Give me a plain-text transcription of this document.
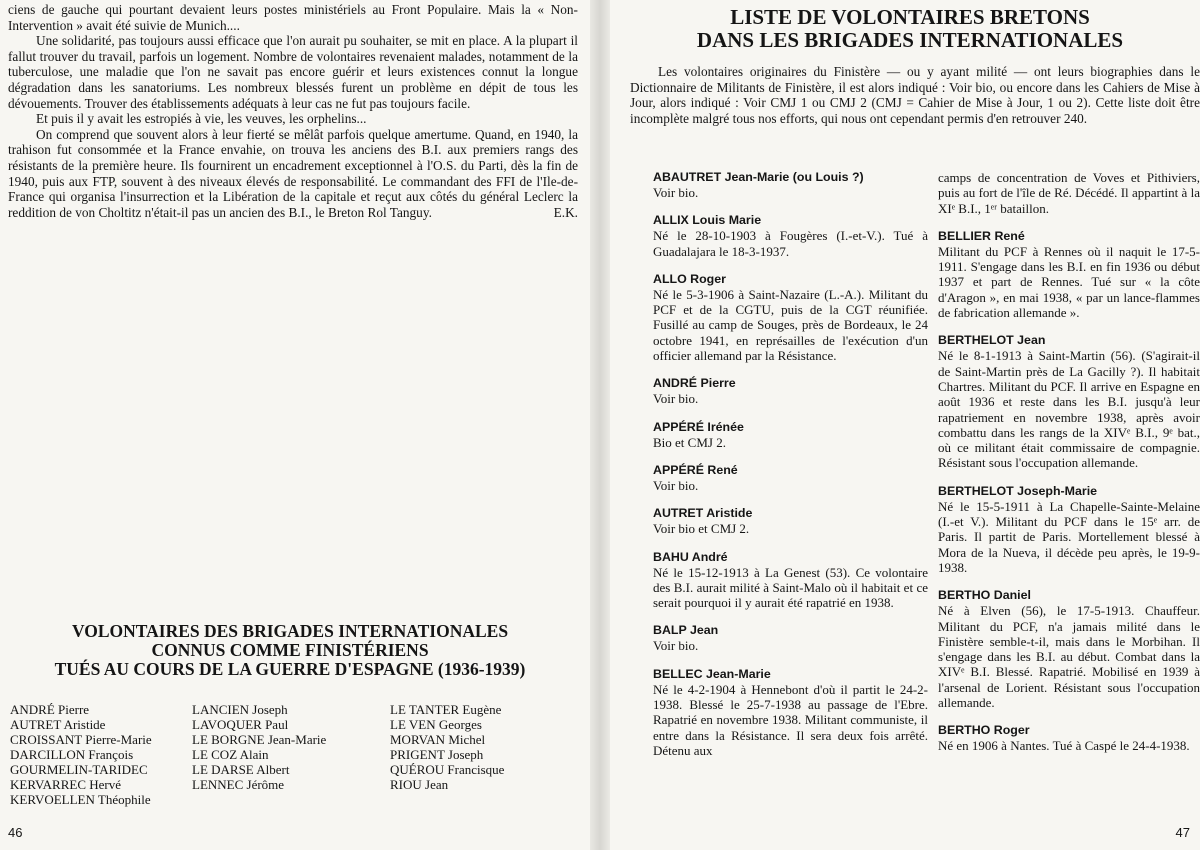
ciens de gauche qui pourtant devaient leurs postes ministériels au Front Populaire. Mais la « Non-Intervention » avait été suivie de Munich....

Une solidarité, pas toujours aussi efficace que l'on aurait pu souhaiter, se mit en place. A la plupart il fallut trouver du travail, parfois un logement. Nombre de volontaires revenaient malades, notamment de la tuberculose, une maladie que l'on ne savait pas encore guérir et leurs existences connut la longue dégradation dans les sanatoriums. Les nombreux blessés furent un problème en dépit de tous les dévouements. Trouver des établissements adéquats à leur cas ne fut pas toujours facile.

Et puis il y avait les estropiés à vie, les veuves, les orphelins...

On comprend que souvent alors à leur fierté se mêlât parfois quelque amertume. Quand, en 1940, la trahison fut consommée et la France envahie, on trouva les anciens des B.I. aux premiers rangs des résistants de la première heure. Ils fournirent un encadrement exceptionnel à l'O.S. du Parti, dès la fin de 1940, puis aux FTP, souvent à des niveaux élevés de responsabilité. Le commandant des FFI de l'Ile-de-France qui organisa l'insurrection et la Libération de la capitale et reçut aux côtés du général Leclerc la reddition de von Choltitz n'était-il pas un ancien des B.I., le Breton Rol Tanguy.	E.K.

VOLONTAIRES DES BRIGADES INTERNATIONALES

CONNUS COMME FINISTÉRIENS

TUÉS AU COURS DE LA GUERRE D'ESPAGNE (1936-1939)

ANDRÉ Pierre
AUTRET Aristide
CROISSANT Pierre-Marie
DARCILLON François
GOURMELIN-TARIDEC
KERVARREC Hervé
KERVOELLEN Théophile
LANCIEN Joseph
LAVOQUER Paul
LE BORGNE Jean-Marie
LE COZ Alain
LE DARSE Albert
LENNEC Jérôme
LE TANTER Eugène
LE VEN Georges
MORVAN Michel
PRIGENT Joseph
QUÉROU Francisque
RIOU Jean
46
LISTE DE VOLONTAIRES BRETONS
DANS LES BRIGADES INTERNATIONALES

Les volontaires originaires du Finistère — ou y ayant milité — ont leurs biographies dans le Dictionnaire de Militants de Finistère, il est alors indiqué : Voir bio, ou encore dans les Cahiers de Mise à Jour, alors indiqué : Voir CMJ 1 ou CMJ 2 (CMJ = Cahier de Mise à Jour, 1 ou 2). Cette liste doit être incomplète malgré tous nos efforts, qui nous ont cependant permis d'en retrouver 240.

ABAUTRET Jean-Marie (ou Louis ?)
Voir bio.
ALLIX Louis Marie
Né le 28-10-1903 à Fougères (I.-et-V.). Tué à Guadalajara le 18-3-1937.
ALLO Roger
Né le 5-3-1906 à Saint-Nazaire (L.-A.). Militant du PCF et de la CGTU, puis de la CGT réunifiée. Fusillé au camp de Souges, près de Bordeaux, le 24 octobre 1941, en représailles de l'exécution d'un officier allemand par la Résistance.
ANDRÉ Pierre
Voir bio.
APPÉRÉ Irénée
Bio et CMJ 2.
APPÉRÉ René
Voir bio.
AUTRET Aristide
Voir bio et CMJ 2.
BAHU André
Né le 15-12-1913 à La Genest (53). Ce volontaire des B.I. aurait milité à Saint-Malo où il habitait et ce serait pourquoi il y aurait été rapatrié en 1938.
BALP Jean
Voir bio.
BELLEC Jean-Marie
Né le 4-2-1904 à Hennebont d'où il partit le 24-2-1938. Blessé le 25-7-1938 au passage de l'Ebre. Rapatrié en novembre 1938. Militant communiste, il entre dans la Résistance. Il sera deux fois arrêté. Détenu aux
camps de concentration de Voves et Pithiviers, puis au fort de l'île de Ré. Décédé. Il appartint à la XIᵉ B.I., 1ᵉʳ bataillon.
BELLIER René
Militant du PCF à Rennes où il naquit le 17-5-1911. S'engage dans les B.I. en fin 1936 ou début 1937 et part de Rennes. Tué sur « la côte d'Aragon », en mai 1938, « par un lance-flammes de fabrication allemande ».
BERTHELOT Jean
Né le 8-1-1913 à Saint-Martin (56). (S'agirait-il de Saint-Martin près de La Gacilly ?). Il habitait Chartres. Militant du PCF. Il arrive en Espagne en août 1936 et reste dans les B.I. jusqu'à leur rapatriement en novembre 1938, après avoir combattu dans les rangs de la XIVᵉ B.I., 9ᵉ bat., où ce militant était commissaire de compagnie. Résistant sous l'occupation allemande.
BERTHELOT Joseph-Marie
Né le 15-5-1911 à La Chapelle-Sainte-Melaine (I.-et V.). Militant du PCF dans le 15ᵉ arr. de Paris. Il partit de Paris. Mortellement blessé à Mora de la Nueva, il décède peu après, le 19-9-1938.
BERTHO Daniel
Né à Elven (56), le 17-5-1913. Chauffeur. Militant du PCF, n'a jamais milité dans le Finistère semble-t-il, mais dans le Morbihan. Il s'engage dans les B.I. au début. Combat dans la XIVᵉ B.I. Blessé. Rapatrié. Mobilisé en 1939 à l'arsenal de Lorient. Résistant sous l'occupation allemande.
BERTHO Roger
Né en 1906 à Nantes. Tué à Caspé le 24-4-1938.
47
